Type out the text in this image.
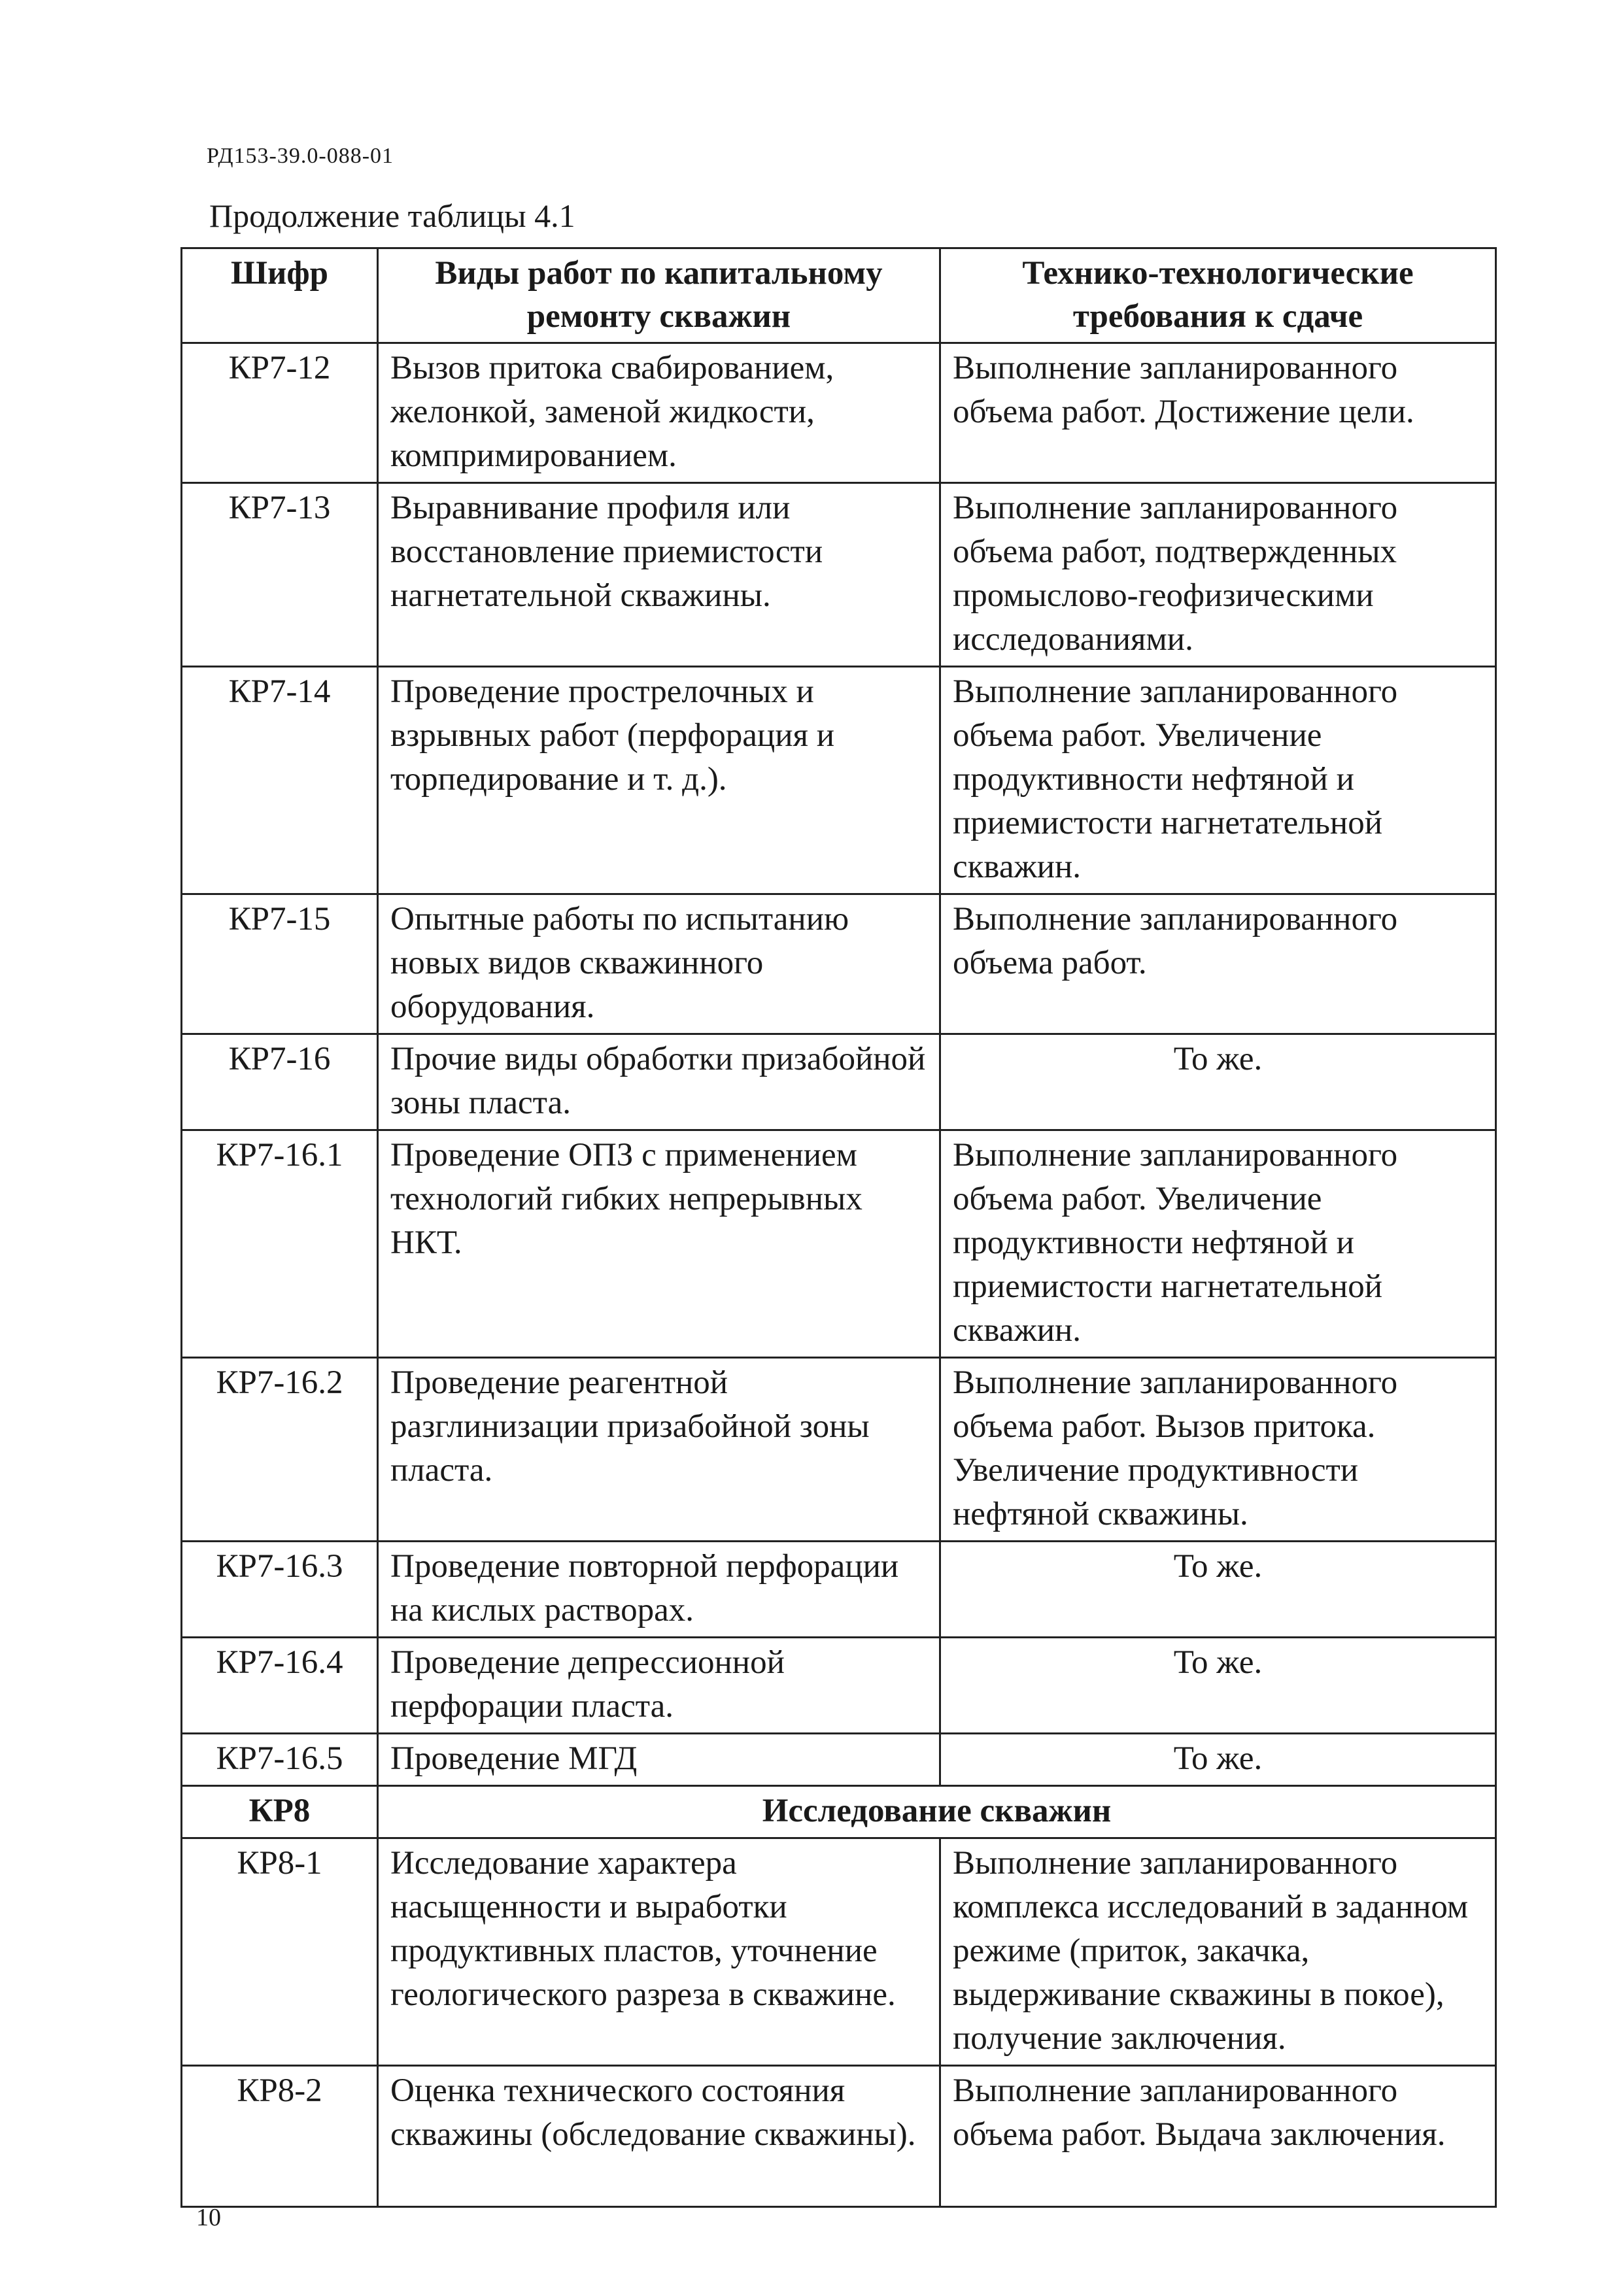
РД153-39.0-088-01
Продолжение таблицы 4.1
Шифр	Виды работ по капитальному ремонту скважин	Технико-технологические требования к сдаче
КР7-12	Вызов притока свабированием, желонкой, заменой жидкости, компримированием.	Выполнение запланированного объема работ. Достижение цели.
КР7-13	Выравнивание профиля или восстановление приемистости нагнетательной скважины.	Выполнение запланированного объема работ, подтвержденных промыслово-геофизическими исследованиями.
КР7-14	Проведение прострелочных и взрывных работ (перфорация и торпедирование и т. д.).	Выполнение запланированного объема работ. Увеличение продуктивности нефтяной и приемистости нагнетательной скважин.
КР7-15	Опытные работы по испытанию новых видов скважинного оборудования.	Выполнение запланированного объема работ.
КР7-16	Прочие виды обработки призабойной зоны пласта.	То же.
КР7-16.1	Проведение ОПЗ с применением технологий гибких непрерывных НКТ.	Выполнение запланированного объема работ. Увеличение продуктивности нефтяной и приемистости нагнетательной скважин.
КР7-16.2	Проведение реагентной разглинизации призабойной зоны пласта.	Выполнение запланированного объема работ. Вызов притока. Увеличение продуктивности нефтяной скважины.
КР7-16.3	Проведение повторной перфорации на кислых растворах.	То же.
КР7-16.4	Проведение депрессионной перфорации пласта.	То же.
КР7-16.5	Проведение МГД	То же.
КР8	Исследование скважин	
КР8-1	Исследование характера насыщенности и выработки продуктивных пластов, уточнение геологического разреза в скважине.	Выполнение запланированного комплекса исследований в заданном режиме (приток, закачка, выдерживание скважины в покое), получение заключения.
КР8-2	Оценка технического состояния скважины (обследование скважины).	Выполнение запланированного объема работ. Выдача заключения.
10
